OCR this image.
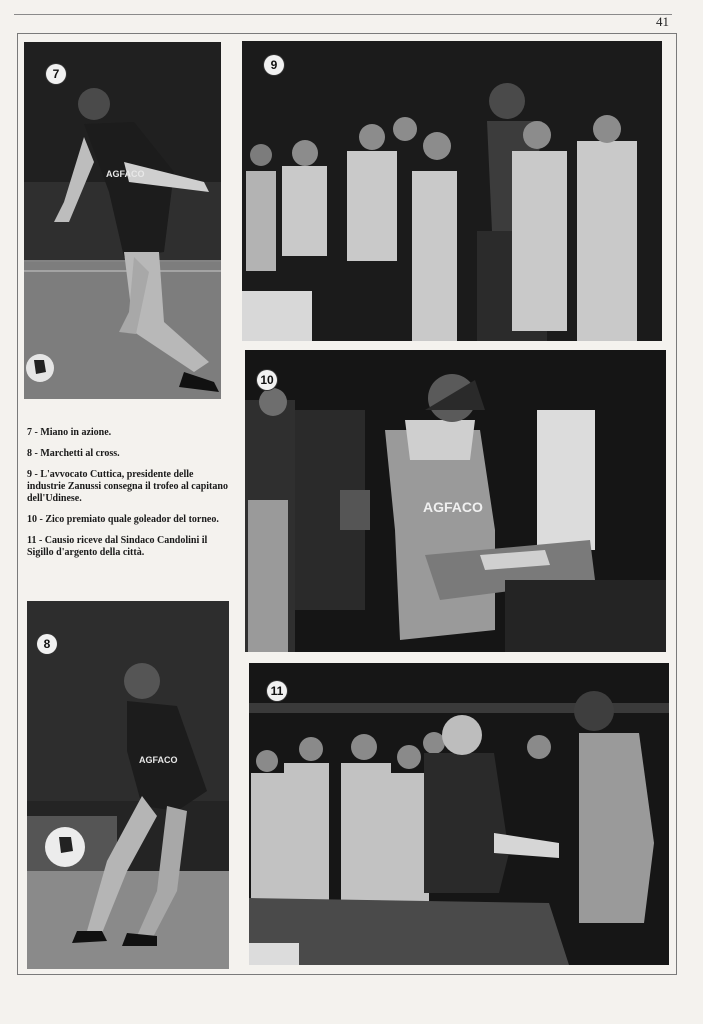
41
AGFACO
7
9

7 - Miano in azione.

8 - Marchetti al cross.

9 - L'avvocato Cuttica, presidente delle industrie Zanussi consegna il trofeo al capitano dell'Udinese.

10 - Zico premiato quale goleador del torneo.

11 - Causio riceve dal Sindaco Candolini il Sigillo d'argento della città.

AGFACO
10
AGFACO
8
11
